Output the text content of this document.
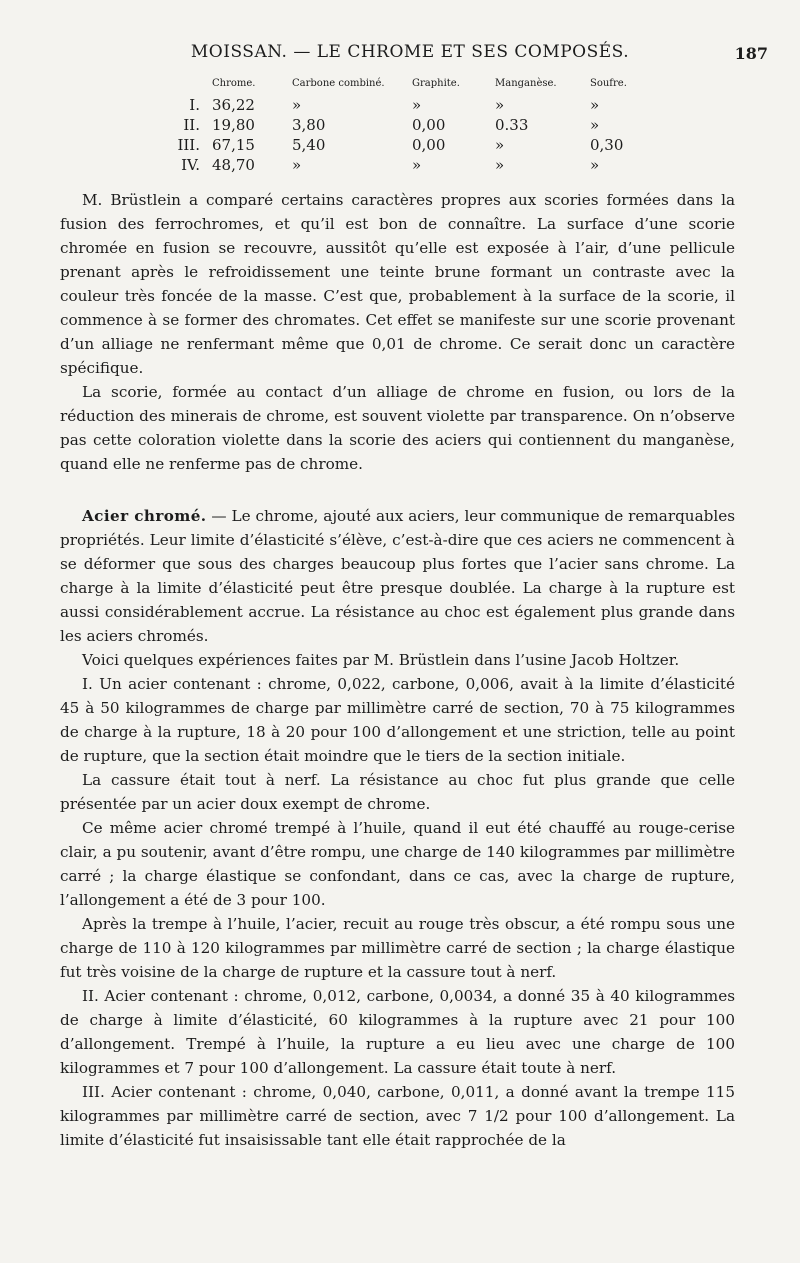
MOISSAN. — LE CHROME ET SES COMPOSÉS.	187
Chrome.	Carbone combiné.	Graphite.	Manganèse.	Soufre.
I. 36,22 »	»	»	»
II. 19,80 3,80	0,00	0.33	»
III. 67,15 5,40	0,00	»	0,30
IV. 48,70 »	»	»	»

M. Brüstlein a comparé certains caractères propres aux scories formées dans la fusion des ferrochromes, et qu’il est bon de connaître. La surface d’une scorie chromée en fusion se recouvre, aussitôt qu’elle est exposée à l’air, d’une pellicule prenant après le refroidissement une teinte brune formant un contraste avec la couleur très foncée de la masse. C’est que, probablement à la surface de la scorie, il commence à se former des chromates. Cet effet se manifeste sur une scorie provenant d’un alliage ne renfermant même que 0,01 de chrome. Ce serait donc un caractère spécifique.

La scorie, formée au contact d’un alliage de chrome en fusion, ou lors de la réduction des minerais de chrome, est souvent violette par transparence. On n’observe pas cette coloration violette dans la scorie des aciers qui contiennent du manganèse, quand elle ne renferme pas de chrome.

Acier chromé. — Le chrome, ajouté aux aciers, leur communique de remarquables propriétés. Leur limite d’élasticité s’élève, c’est-à-dire que ces aciers ne commencent à se déformer que sous des charges beaucoup plus fortes que l’acier sans chrome. La charge à la limite d’élasticité peut être presque doublée. La charge à la rupture est aussi considérablement accrue. La résistance au choc est également plus grande dans les aciers chromés.

Voici quelques expériences faites par M. Brüstlein dans l’usine Jacob Holtzer.

I. Un acier contenant : chrome, 0,022, carbone, 0,006, avait à la limite d’élasticité 45 à 50 kilogrammes de charge par millimètre carré de section, 70 à 75 kilogrammes de charge à la rupture, 18 à 20 pour 100 d’allongement et une striction, telle au point de rupture, que la section était moindre que le tiers de la section initiale.

La cassure était tout à nerf. La résistance au choc fut plus grande que celle présentée par un acier doux exempt de chrome.

Ce même acier chromé trempé à l’huile, quand il eut été chauffé au rouge-cerise clair, a pu soutenir, avant d’être rompu, une charge de 140 kilogrammes par millimètre carré ; la charge élastique se confondant, dans ce cas, avec la charge de rupture, l’allongement a été de 3 pour 100.

Après la trempe à l’huile, l’acier, recuit au rouge très obscur, a été rompu sous une charge de 110 à 120 kilogrammes par millimètre carré de section ; la charge élastique fut très voisine de la charge de rupture et la cassure tout à nerf.

II. Acier contenant : chrome, 0,012, carbone, 0,0034, a donné 35 à 40 kilogrammes de charge à limite d’élasticité, 60 kilogrammes à la rupture avec 21 pour 100 d’allongement. Trempé à l’huile, la rupture a eu lieu avec une charge de 100 kilogrammes et 7 pour 100 d’allongement. La cassure était toute à nerf.

III. Acier contenant : chrome, 0,040, carbone, 0,011, a donné avant la trempe 115 kilogrammes par millimètre carré de section, avec 7 1/2 pour 100 d’allongement. La limite d’élasticité fut insaisissable tant elle était rapprochée de la
